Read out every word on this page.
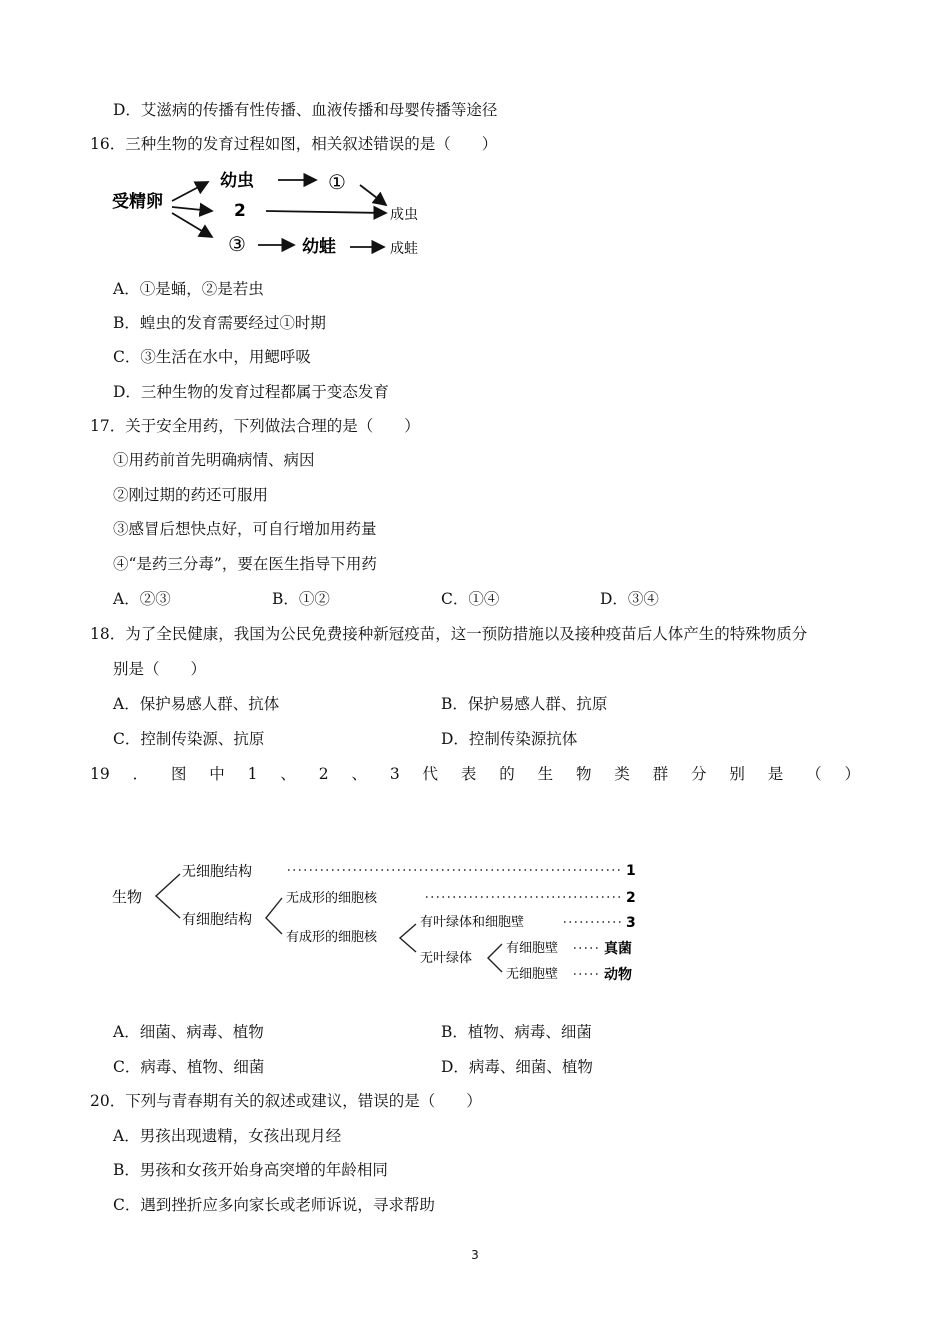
D．艾滋病的传播有性传播、血液传播和母婴传播等途径
16．三种生物的发育过程如图，相关叙述错误的是（　　）
受精卵
幼虫	①
2	成虫
③	幼蛙	成蛙
A．①是蛹，②是若虫
B．蝗虫的发育需要经过①时期
C．③生活在水中，用鳃呼吸
D．三种生物的发育过程都属于变态发育
17．关于安全用药，下列做法合理的是（　　）
①用药前首先明确病情、病因
②刚过期的药还可服用
③感冒后想快点好，可自行增加用药量
④“是药三分毒”，要在医生指导下用药
A．②③	B．①②	C．①④	D．③④
18．为了全民健康，我国为公民免费接种新冠疫苗，这一预防措施以及接种疫苗后人体产生的特殊物质分
别是（　　）
A．保护易感人群、抗体	B．保护易感人群、抗原
C．控制传染源、抗原	D．控制传染源抗体
19 ． 图 中 1 、 2 、 3 代 表 的 生 物 类 群 分 别 是 （ ）
生物
无细胞结构
有细胞结构
无成形的细胞核
有成形的细胞核
有叶绿体和细胞壁
无叶绿体
有细胞壁
无细胞壁
真菌
动物
1
2
3
A．细菌、病毒、植物	B．植物、病毒、细菌
C．病毒、植物、细菌	D．病毒、细菌、植物
20．下列与青春期有关的叙述或建议，错误的是（　　）
A．男孩出现遗精，女孩出现月经
B．男孩和女孩开始身高突增的年龄相同
C．遇到挫折应多向家长或老师诉说，寻求帮助
3
